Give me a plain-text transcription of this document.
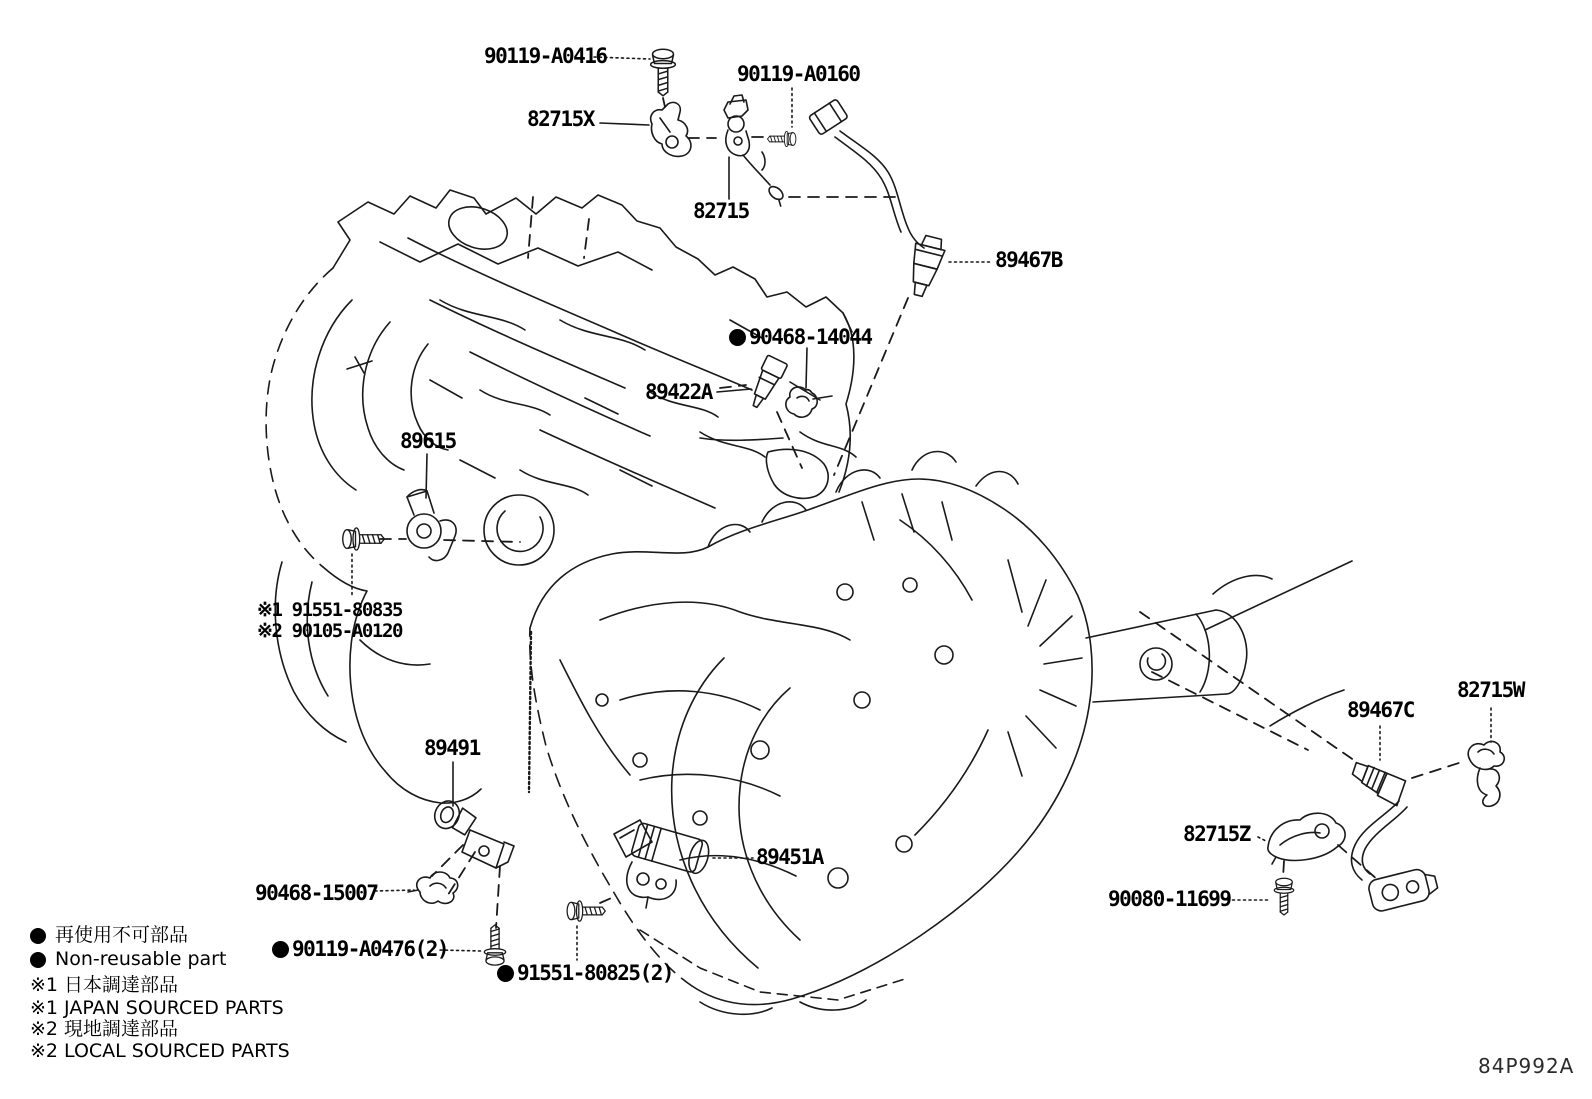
90119-A0416
90119-A0160
82715X
82715
89467B
90468-14044
89422A
89615
※1 91551-80835
※2 90105-A0120
89491
89451A
90468-15007
90119-A0476(2)
91551-80825(2)
89467C
82715W
82715Z
90080-11699
再使用不可部品
Non-reusable part
※1 日本調達部品
※1 JAPAN SOURCED PARTS
※2 現地調達部品
※2 LOCAL SOURCED PARTS
84P992A
